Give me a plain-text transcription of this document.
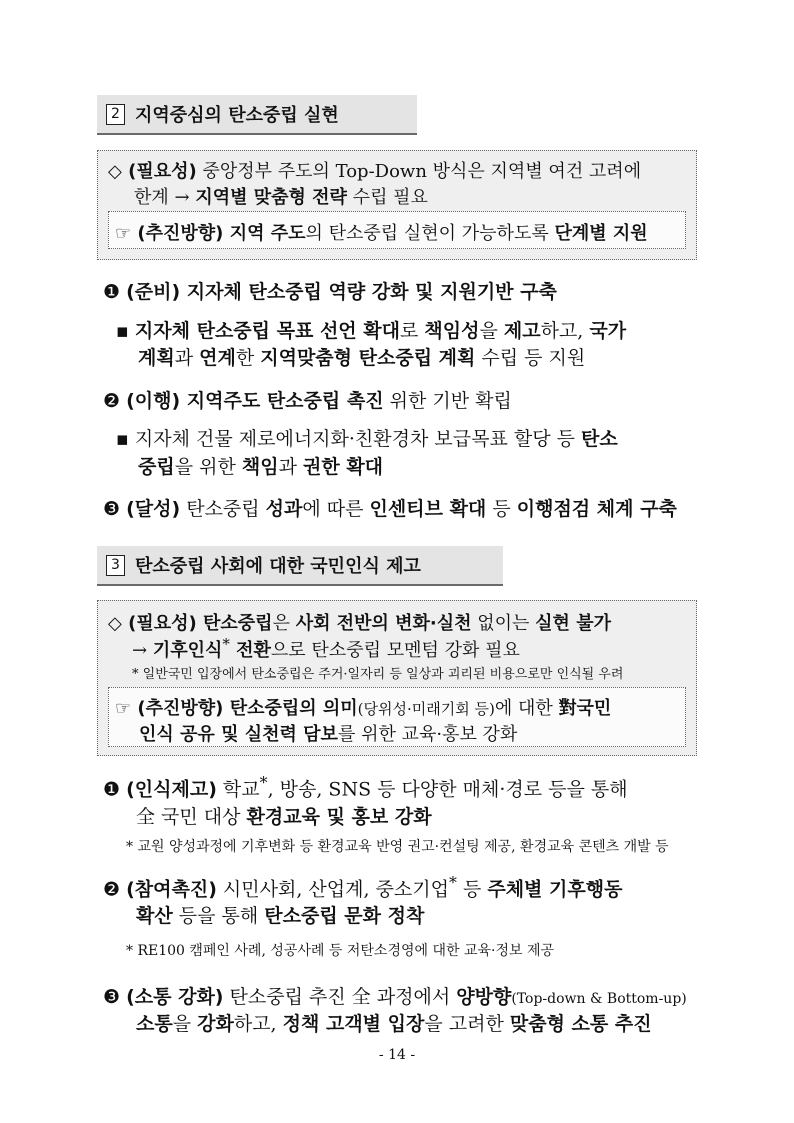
2 지역중심의 탄소중립 실현
◇ (필요성) 중앙정부 주도의 Top-Down 방식은 지역별 여건 고려에
한계 → 지역별 맞춤형 전략 수립 필요
☞ (추진방향) 지역 주도의 탄소중립 실현이 가능하도록 단계별 지원
❶ (준비) 지자체 탄소중립 역량 강화 및 지원기반 구축
▪ 지자체 탄소중립 목표 선언 확대로 책임성을 제고하고, 국가
계획과 연계한 지역맞춤형 탄소중립 계획 수립 등 지원
❷ (이행) 지역주도 탄소중립 촉진 위한 기반 확립
▪ 지자체 건물 제로에너지화·친환경차 보급목표 할당 등 탄소
중립을 위한 책임과 권한 확대
❸ (달성) 탄소중립 성과에 따른 인센티브 확대 등 이행점검 체계 구축
3 탄소중립 사회에 대한 국민인식 제고
◇ (필요성) 탄소중립은 사회 전반의 변화·실천 없이는 실현 불가
→ 기후인식* 전환으로 탄소중립 모멘텀 강화 필요
* 일반국민 입장에서 탄소중립은 주거·일자리 등 일상과 괴리된 비용으로만 인식될 우려
☞ (추진방향) 탄소중립의 의미(당위성·미래기회 등)에 대한 對국민
인식 공유 및 실천력 담보를 위한 교육·홍보 강화
❶ (인식제고) 학교*, 방송, SNS 등 다양한 매체·경로 등을 통해
全 국민 대상 환경교육 및 홍보 강화
* 교원 양성과정에 기후변화 등 환경교육 반영 권고·컨설팅 제공, 환경교육 콘텐츠 개발 등
❷ (참여촉진) 시민사회, 산업계, 중소기업* 등 주체별 기후행동
확산 등을 통해 탄소중립 문화 정착
* RE100 캠페인 사례, 성공사례 등 저탄소경영에 대한 교육·정보 제공
❸ (소통 강화) 탄소중립 추진 全 과정에서 양방향(Top-down & Bottom-up)
소통을 강화하고, 정책 고객별 입장을 고려한 맞춤형 소통 추진
- 14 -
